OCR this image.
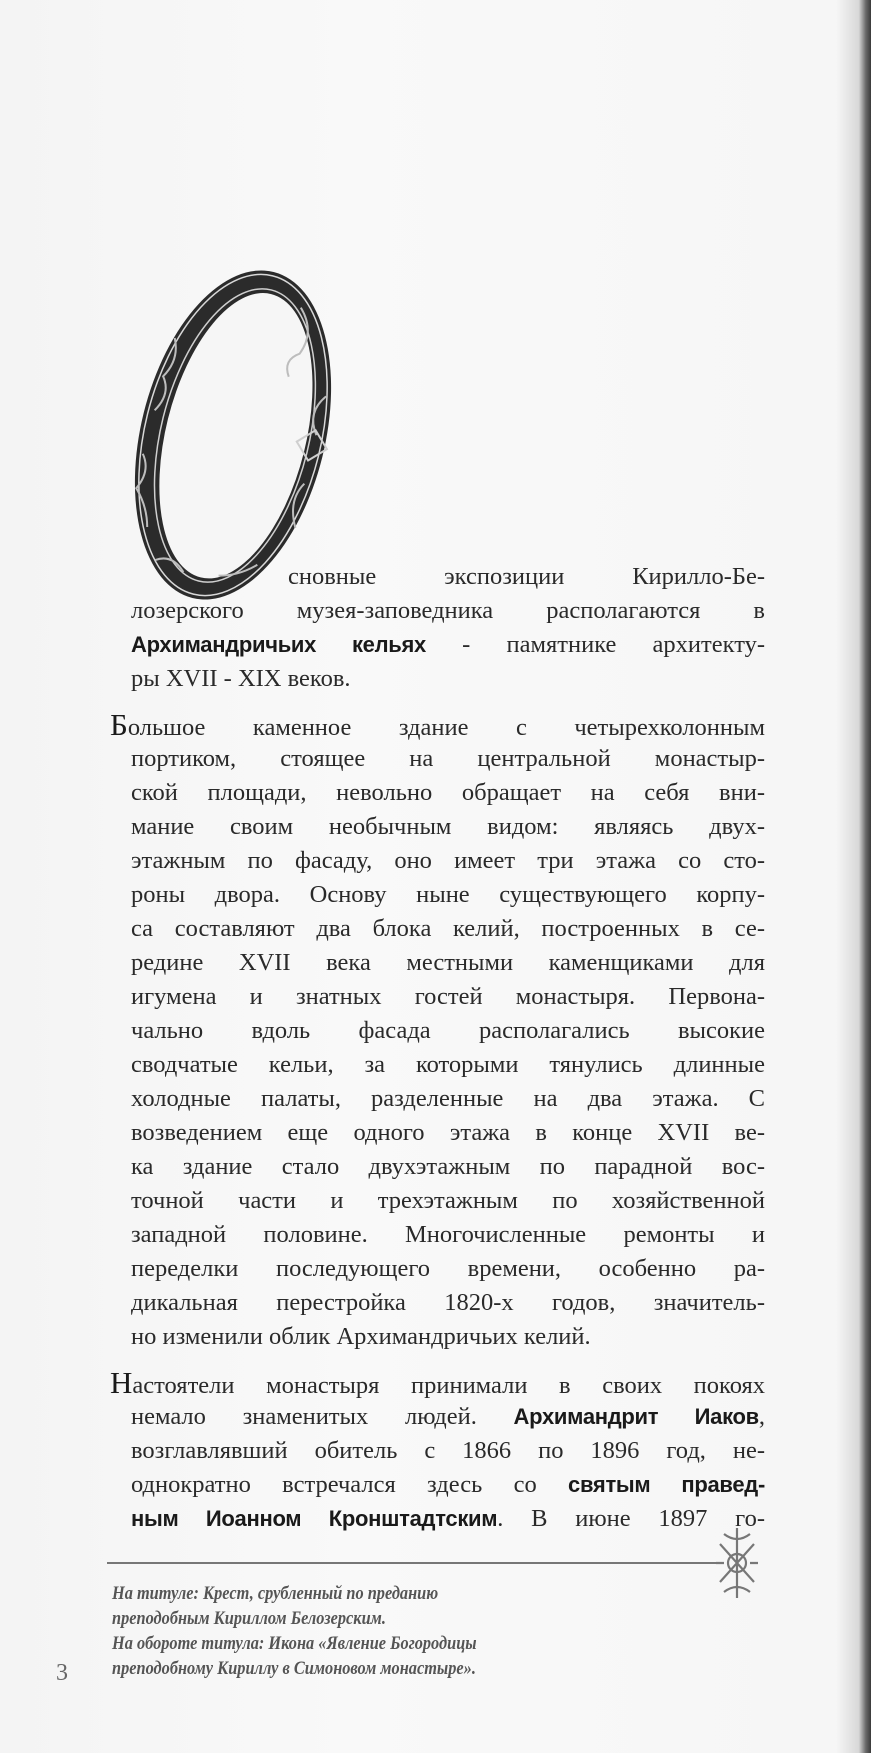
сновные экспозиции Кирилло-Бе-
лозерского музея-заповедника располагаются в
Архимандричьих кельях - памятнике архитекту-
ры XVII - XIX веков.
Большое каменное здание с четырехколонным
портиком, стоящее на центральной монастыр-
ской площади, невольно обращает на себя вни-
мание своим необычным видом: являясь двух-
этажным по фасаду, оно имеет три этажа со сто-
роны двора. Основу ныне существующего корпу-
са составляют два блока келий, построенных в се-
редине XVII века местными каменщиками для
игумена и знатных гостей монастыря. Первона-
чально вдоль фасада располагались высокие
сводчатые кельи, за которыми тянулись длинные
холодные палаты, разделенные на два этажа. С
возведением еще одного этажа в конце XVII ве-
ка здание стало двухэтажным по парадной вос-
точной части и трехэтажным по хозяйственной
западной половине. Многочисленные ремонты и
переделки последующего времени, особенно ра-
дикальная перестройка 1820-х годов, значитель-
но изменили облик Архимандричьих келий.
Настоятели монастыря принимали в своих покоях
немало знаменитых людей. Архимандрит Иаков,
возглавлявший обитель с 1866 по 1896 год, не-
однократно встречался здесь со святым правед-
ным Иоанном Кронштадтским. В июне 1897 го-
На титуле: Крест, срубленный по преданию
преподобным Кириллом Белозерским.
На обороте титула: Икона «Явление Богородицы
преподобному Кириллу в Симоновом монастыре».
3
